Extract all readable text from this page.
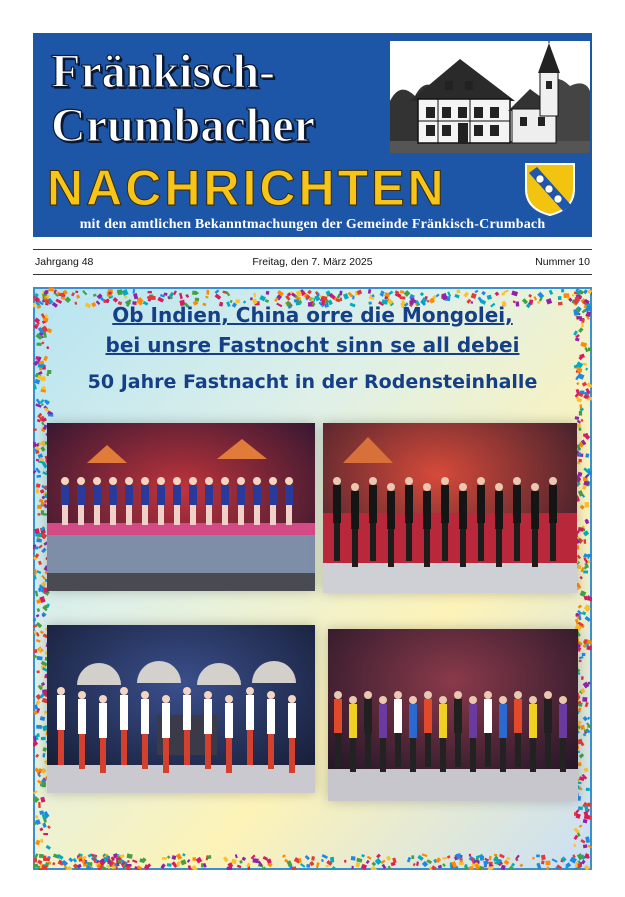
Fränkisch-
Crumbacher
NACHRICHTEN
mit den amtlichen Bekanntmachungen der Gemeinde Fränkisch-Crumbach
Jahrgang 48	Freitag, den 7. März 2025	Nummer 10
Ob Indien, China orre die Mongolei,
bei unsre Fastnocht sinn se all debei
50 Jahre Fastnacht in der Rodensteinhalle
